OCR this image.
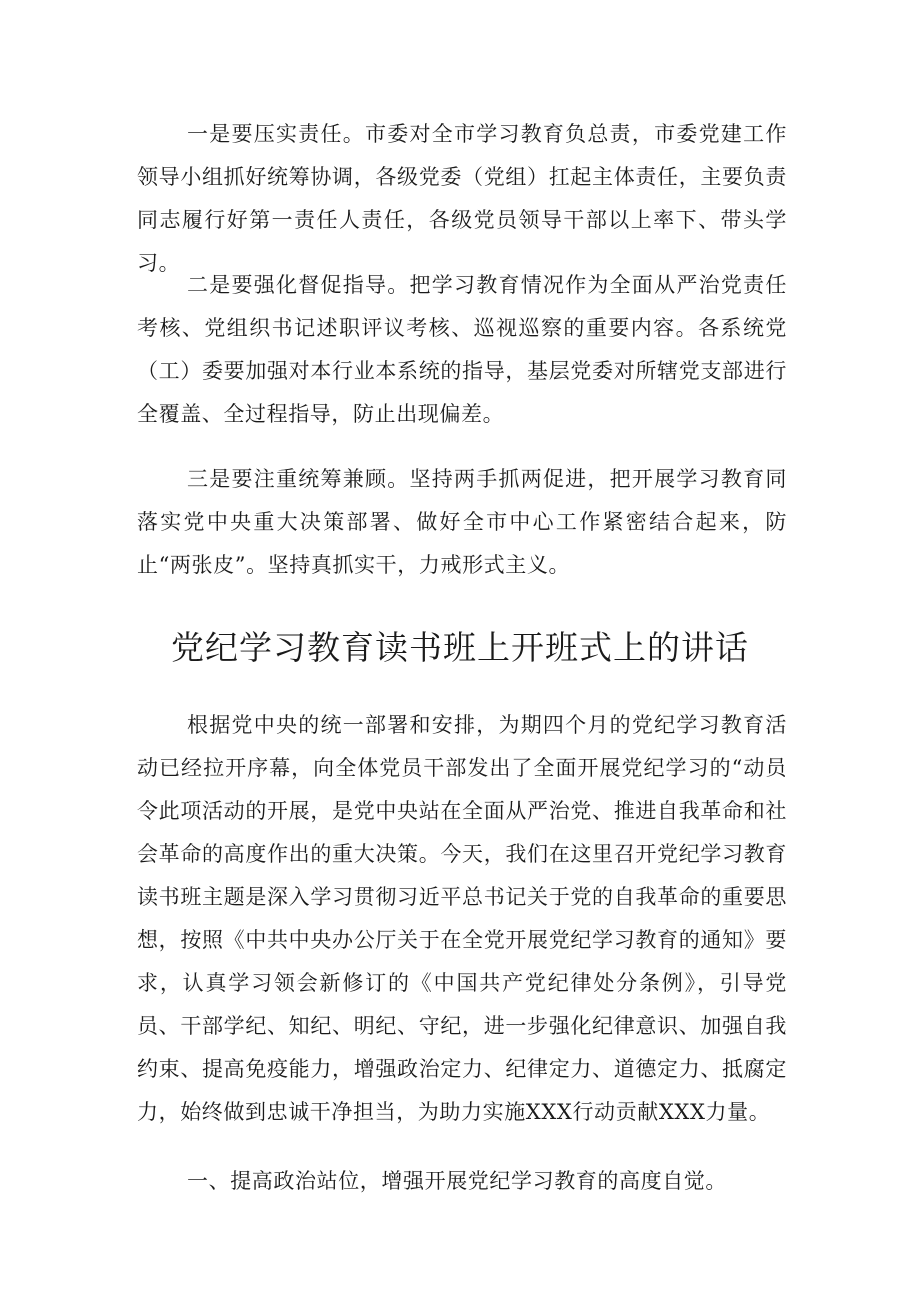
一是要压实责任。市委对全市学习教育负总责，市委党建工作领导小组抓好统筹协调，各级党委（党组）扛起主体责任，主要负责同志履行好第一责任人责任，各级党员领导干部以上率下、带头学习。

二是要强化督促指导。把学习教育情况作为全面从严治党责任考核、党组织书记述职评议考核、巡视巡察的重要内容。各系统党（工）委要加强对本行业本系统的指导，基层党委对所辖党支部进行全覆盖、全过程指导，防止出现偏差。

三是要注重统筹兼顾。坚持两手抓两促进，把开展学习教育同落实党中央重大决策部署、做好全市中心工作紧密结合起来，防止“两张皮”。坚持真抓实干，力戒形式主义。

党纪学习教育读书班上开班式上的讲话

根据党中央的统一部署和安排，为期四个月的党纪学习教育活动已经拉开序幕，向全体党员干部发出了全面开展党纪学习的“动员令此项活动的开展，是党中央站在全面从严治党、推进自我革命和社会革命的高度作出的重大决策。今天，我们在这里召开党纪学习教育读书班主题是深入学习贯彻习近平总书记关于党的自我革命的重要思想，按照《中共中央办公厅关于在全党开展党纪学习教育的通知》要求，认真学习领会新修订的《中国共产党纪律处分条例》，引导党员、干部学纪、知纪、明纪、守纪，进一步强化纪律意识、加强自我约束、提高免疫能力，增强政治定力、纪律定力、道德定力、抵腐定力，始终做到忠诚干净担当，为助力实施XXX行动贡献XXX力量。

一、提高政治站位，增强开展党纪学习教育的高度自觉。
